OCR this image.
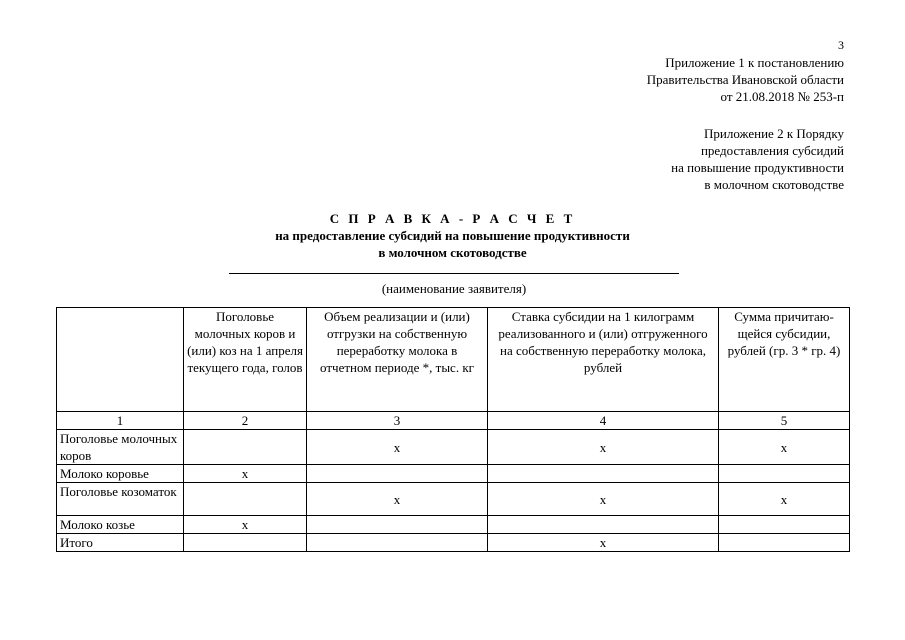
3
Приложение 1 к постановлению
Правительства Ивановской области
от 21.08.2018 № 253-п
Приложение 2 к Порядку
предоставления субсидий
на повышение продуктивности
в молочном скотоводстве
С П Р А В К А - Р А С Ч Е Т
на предоставление субсидий на повышение продуктивности
в молочном скотоводстве
(наименование заявителя)
	Поголовье молочных коров и (или) коз на 1 апреля текущего года, голов	Объем реализации и (или) отгрузки на собственную переработку молока в отчетном периоде *, тыс. кг	Ставка субсидии на 1 килограмм реализованного и (или) отгруженного на собственную переработку молока, рублей	Сумма причитаю-щейся субсидии, рублей (гр. 3 * гр. 4)
1	2	3	4	5
Поголовье молочных коров		x	x	x
Молоко коровье	x			
Поголовье козоматок		x	x	x
Молоко козье	x			
Итого			x	
